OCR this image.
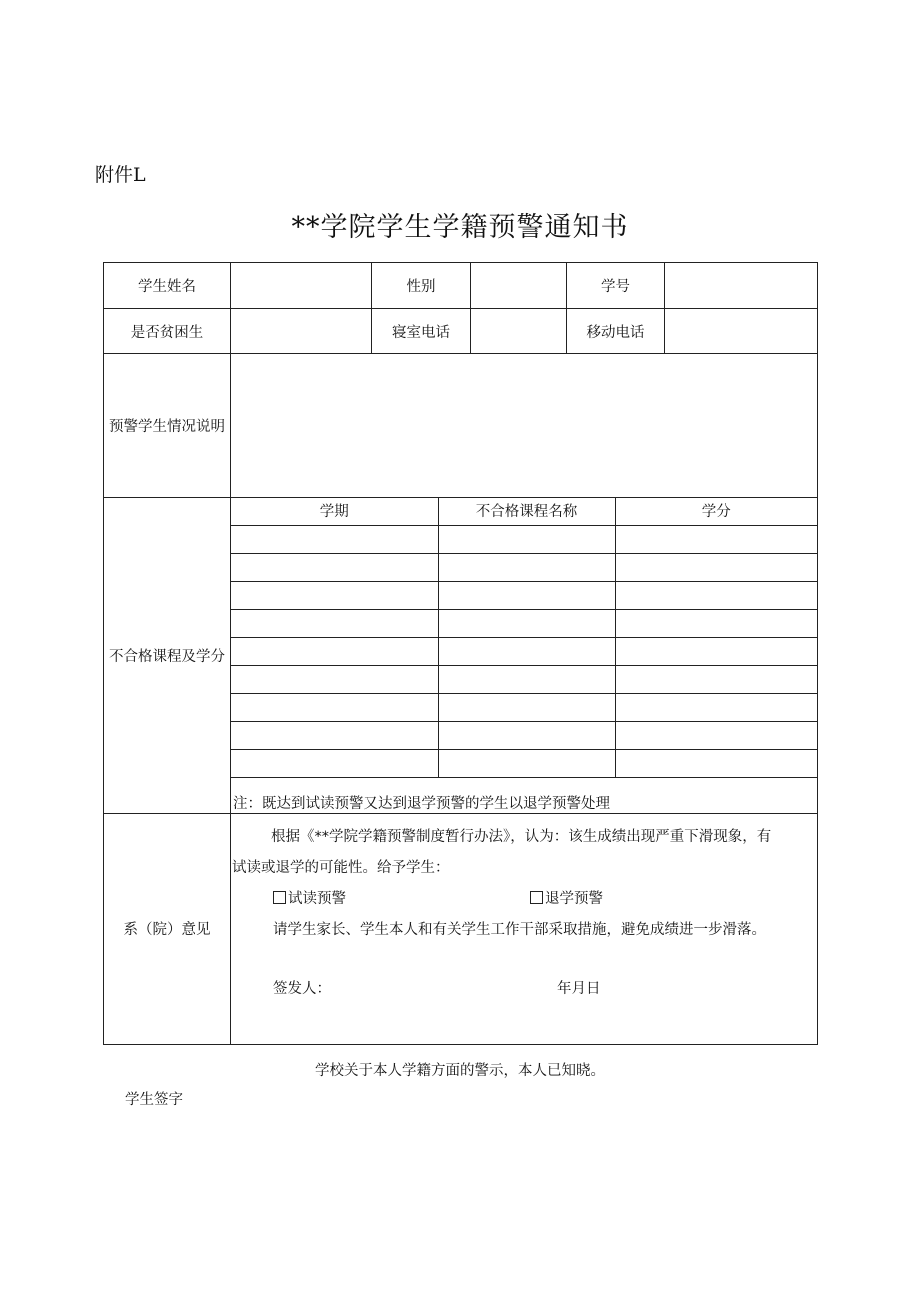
附件L
**学院学生学籍预警通知书
学生姓名		性别		学号	
是否贫困生		寝室电话		移动电话	
预警学生情况说明	
不合格课程及学分	
学期	不合格课程名称	学分

注：既达到试读预警又达到退学预警的学生以退学预警处理

系（院）意见	
根据《**学院学籍预警制度暂行办法》，认为：该生成绩出现严重下滑现象，有
试读或退学的可能性。给予学生：
试读预警	退学预警
请学生家长、学生本人和有关学生工作干部采取措施，避免成绩进一步滑落。
签发人：	年月日
学校关于本人学籍方面的警示，本人已知晓。
学生签字
